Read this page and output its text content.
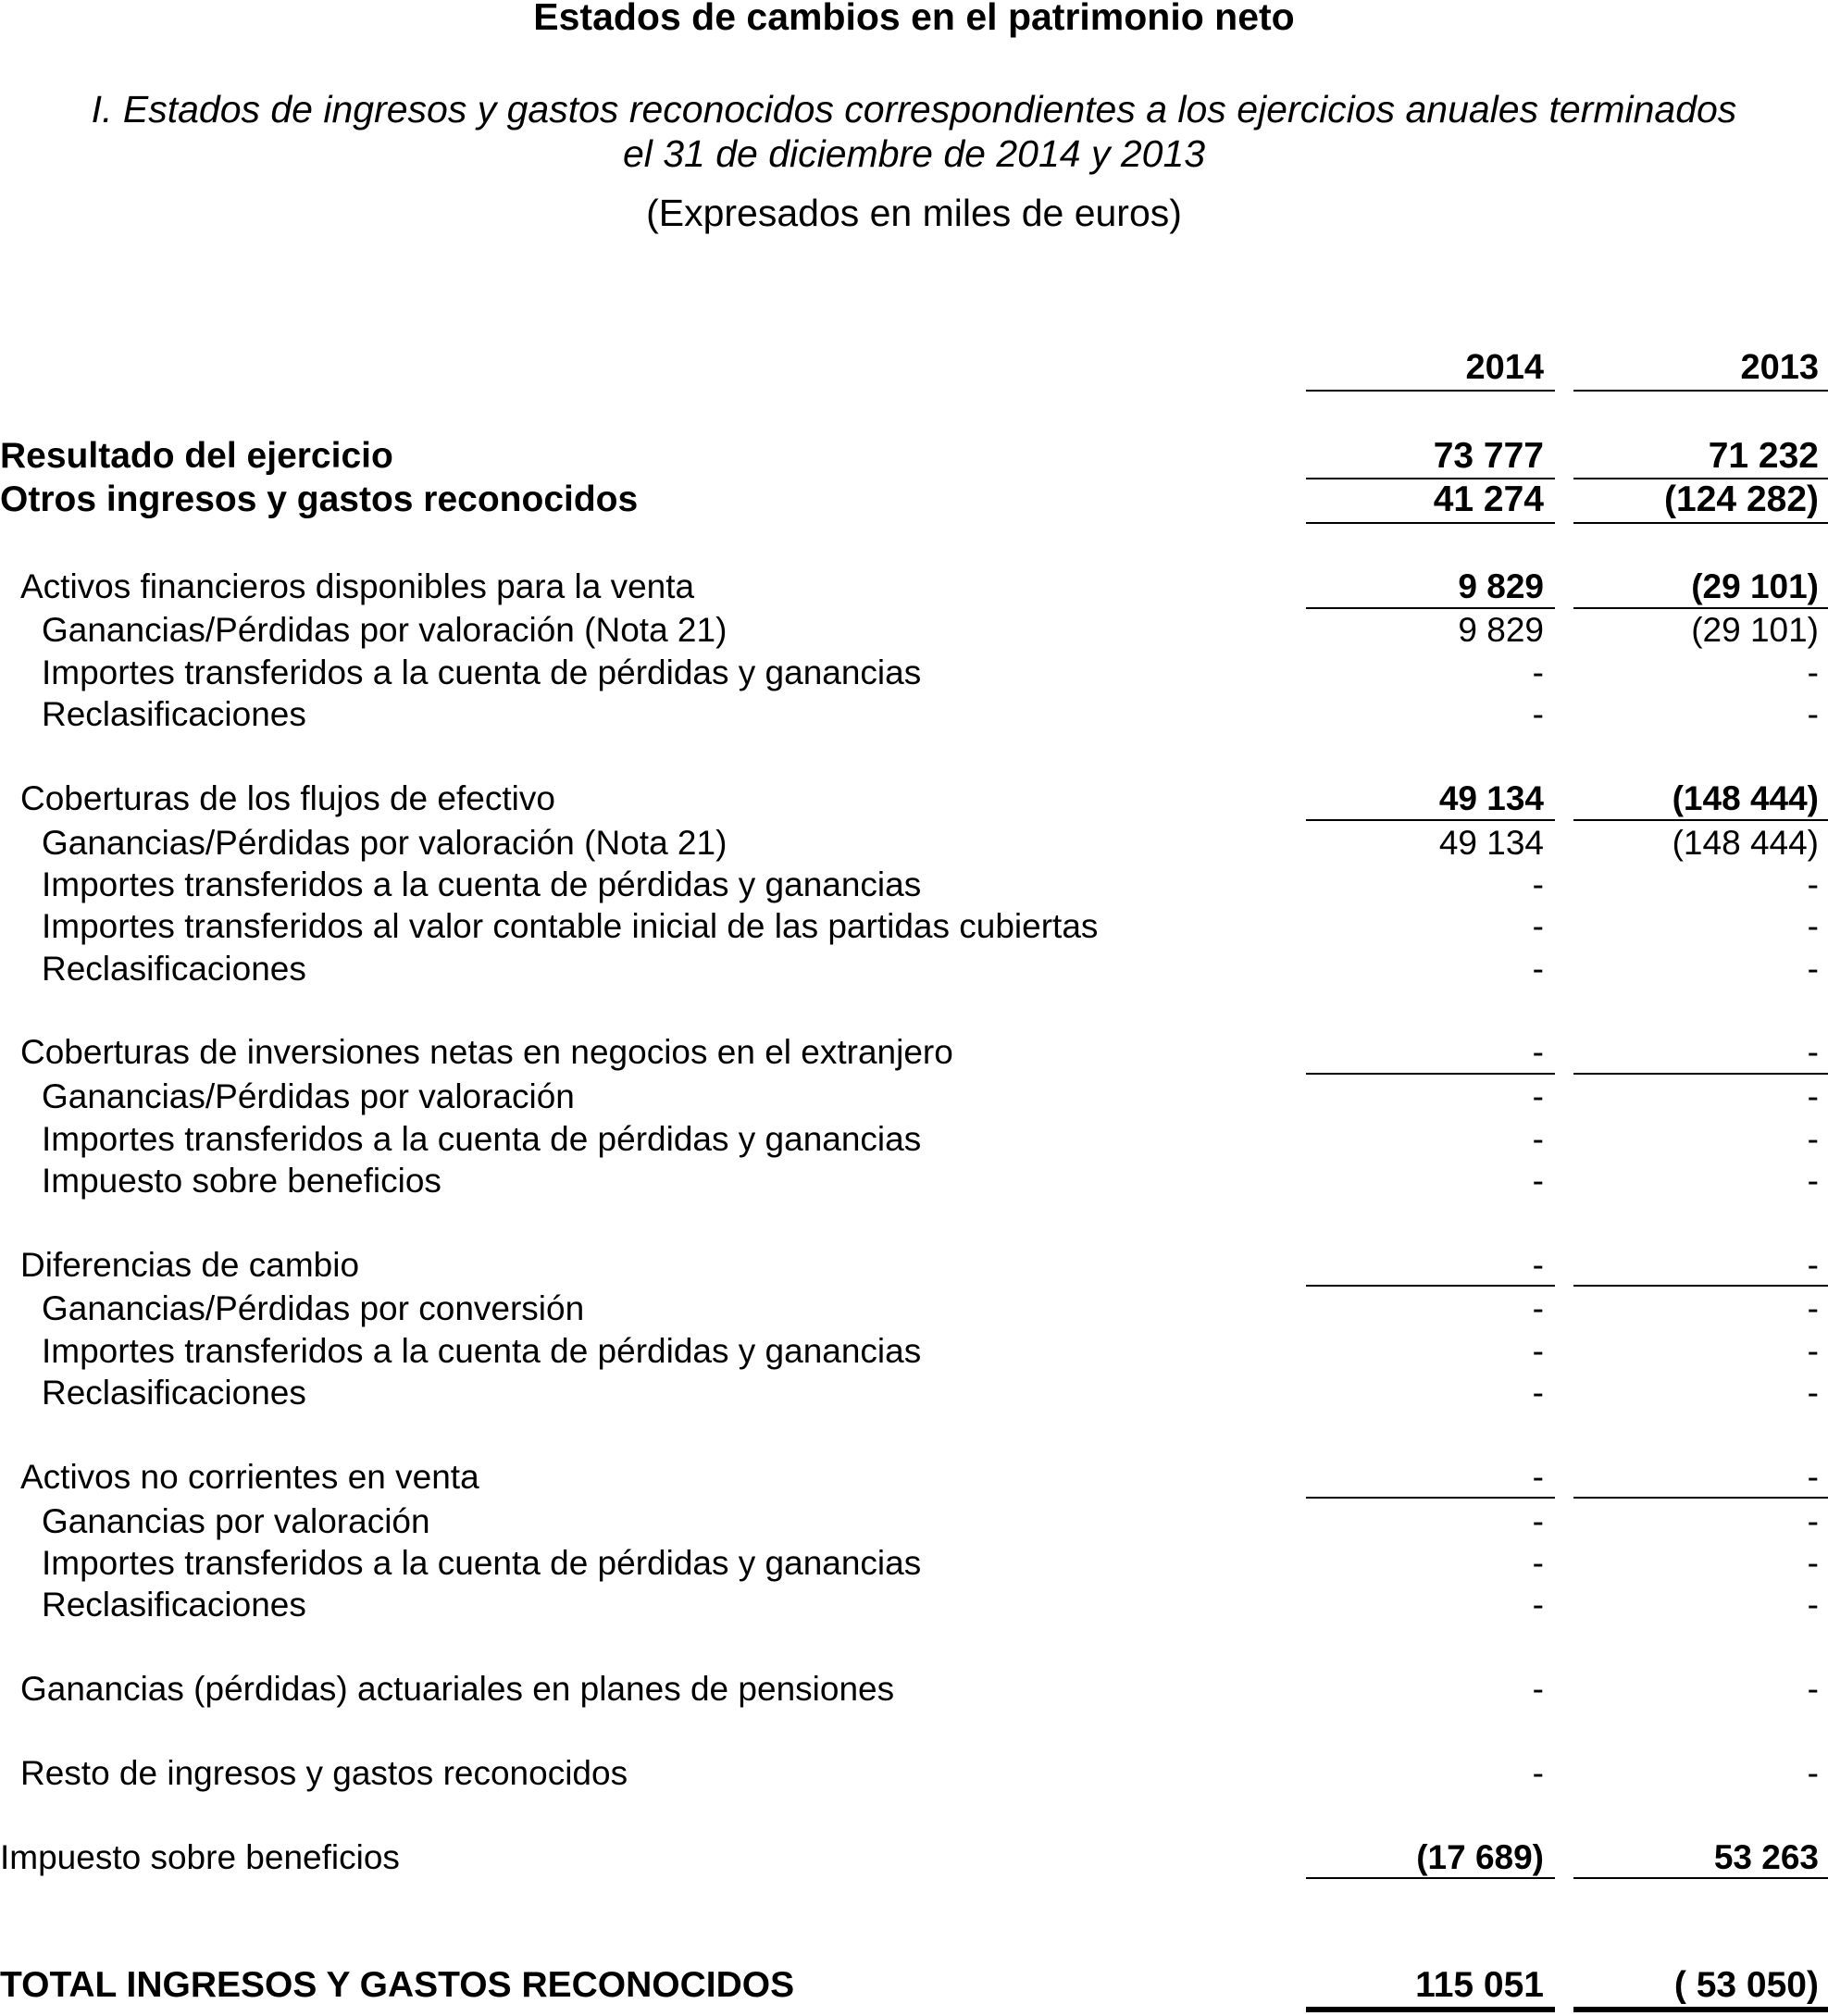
Estados de cambios en el patrimonio neto
I. Estados de ingresos y gastos reconocidos correspondientes a los ejercicios anuales terminados
el 31 de diciembre de 2014 y 2013
(Expresados en miles de euros)
2014	2013
Resultado del ejercicio	73 777	71 232
Otros ingresos y gastos reconocidos	41 274	(124 282)
Activos financieros disponibles para la venta	9 829	(29 101)
Ganancias/Pérdidas por valoración (Nota 21)	9 829	(29 101)
Importes transferidos a la cuenta de pérdidas y ganancias	-	-
Reclasificaciones	-	-
Coberturas de los flujos de efectivo	49 134	(148 444)
Ganancias/Pérdidas por valoración (Nota 21)	49 134	(148 444)
Importes transferidos a la cuenta de pérdidas y ganancias	-	-
Importes transferidos al valor contable inicial de las partidas cubiertas	-	-
Reclasificaciones	-	-
Coberturas de inversiones netas en negocios en el extranjero	-	-
Ganancias/Pérdidas por valoración	-	-
Importes transferidos a la cuenta de pérdidas y ganancias	-	-
Impuesto sobre beneficios	-	-
Diferencias de cambio	-	-
Ganancias/Pérdidas por conversión	-	-
Importes transferidos a la cuenta de pérdidas y ganancias	-	-
Reclasificaciones	-	-
Activos no corrientes en venta	-	-
Ganancias por valoración	-	-
Importes transferidos a la cuenta de pérdidas y ganancias	-	-
Reclasificaciones	-	-
Ganancias (pérdidas) actuariales en planes de pensiones	-	-
Resto de ingresos y gastos reconocidos	-	-
Impuesto sobre beneficios	(17 689)	53 263
TOTAL INGRESOS Y GASTOS RECONOCIDOS	115 051	( 53 050)
